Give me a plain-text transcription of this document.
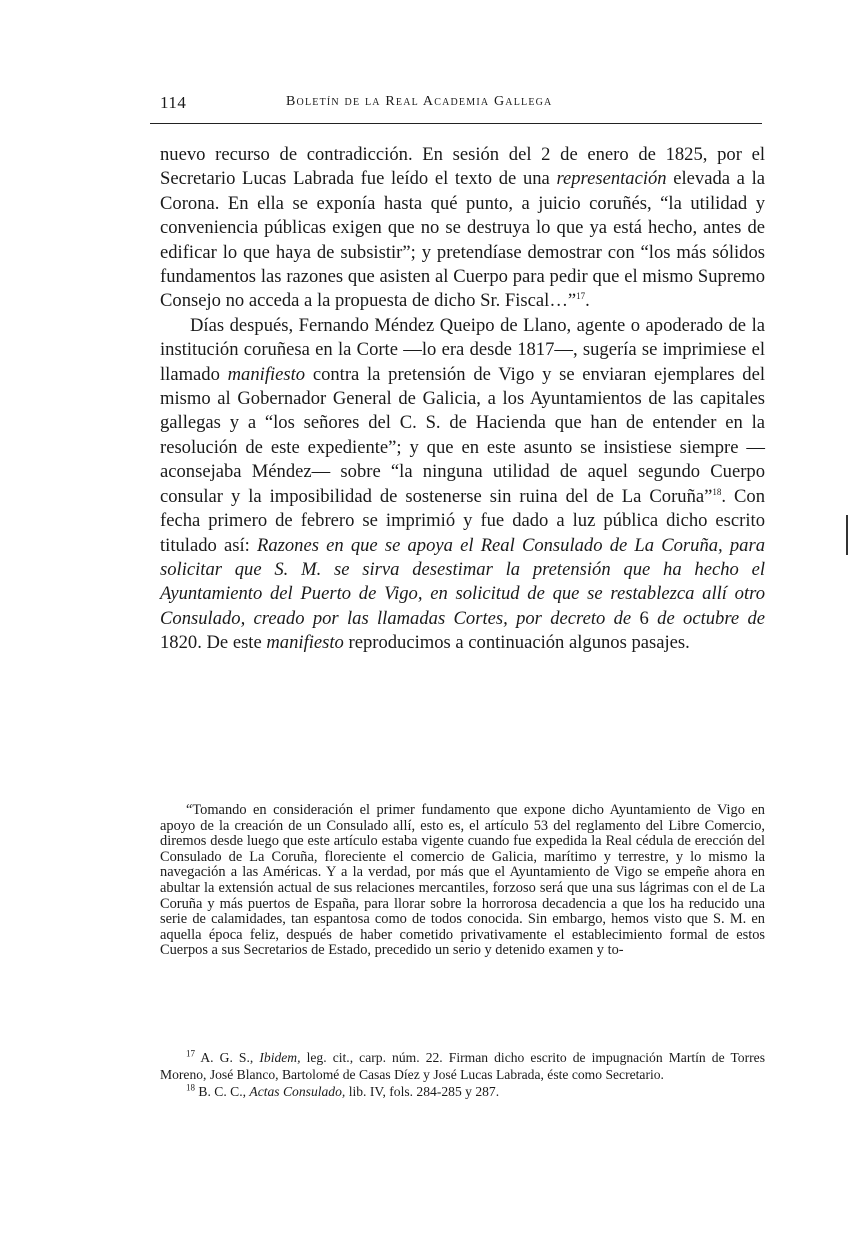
114	Boletín de la Real Academia Gallega

nuevo recurso de contradicción. En sesión del 2 de enero de 1825, por el Secretario Lucas Labrada fue leído el texto de una representación elevada a la Corona. En ella se exponía hasta qué punto, a juicio coruñés, “la utilidad y conveniencia públicas exigen que no se destruya lo que ya está hecho, antes de edificar lo que haya de subsistir”; y pretendíase demostrar con “los más sólidos fundamentos las razones que asisten al Cuerpo para pedir que el mismo Supremo Consejo no acceda a la propuesta de dicho Sr. Fiscal…”$^{17}$.

Días después, Fernando Méndez Queipo de Llano, agente o apoderado de la institución coruñesa en la Corte —lo era desde 1817—, sugería se imprimiese el llamado manifiesto contra la pretensión de Vigo y se enviaran ejemplares del mismo al Gobernador General de Galicia, a los Ayuntamientos de las capitales gallegas y a “los señores del C. S. de Hacienda que han de entender en la resolución de este expediente”; y que en este asunto se insistiese siempre —aconsejaba Méndez— sobre “la ninguna utilidad de aquel segundo Cuerpo consular y la imposibilidad de sostenerse sin ruina del de La Coruña”$^{18}$. Con fecha primero de febrero se imprimió y fue dado a luz pública dicho escrito titulado así: Razones en que se apoya el Real Consulado de La Coruña, para solicitar que S. M. se sirva desestimar la pretensión que ha hecho el Ayuntamiento del Puerto de Vigo, en solicitud de que se restablezca allí otro Consulado, creado por las llamadas Cortes, por decreto de 6 de octubre de 1820. De este manifiesto reproducimos a continuación algunos pasajes.

“Tomando en consideración el primer fundamento que expone dicho Ayuntamiento de Vigo en apoyo de la creación de un Consulado allí, esto es, el artículo 53 del reglamento del Libre Comercio, diremos desde luego que este artículo estaba vigente cuando fue expedida la Real cédula de erección del Consulado de La Coruña, floreciente el comercio de Galicia, marítimo y terrestre, y lo mismo la navegación a las Américas. Y a la verdad, por más que el Ayuntamiento de Vigo se empeñe ahora en abultar la extensión actual de sus relaciones mercantiles, forzoso será que una sus lágrimas con el de La Coruña y más puertos de España, para llorar sobre la horrorosa decadencia a que los ha reducido una serie de calamidades, tan espantosa como de todos conocida. Sin embargo, hemos visto que S. M. en aquella época feliz, después de haber cometido privativamente el establecimiento formal de estos Cuerpos a sus Secretarios de Estado, precedido un serio y detenido examen y to-

$^{17}$ A. G. S., Ibidem, leg. cit., carp. núm. 22. Firman dicho escrito de impugnación Martín de Torres Moreno, José Blanco, Bartolomé de Casas Díez y José Lucas Labrada, éste como Secretario.

$^{18}$ B. C. C., Actas Consulado, lib. IV, fols. 284-285 y 287.
